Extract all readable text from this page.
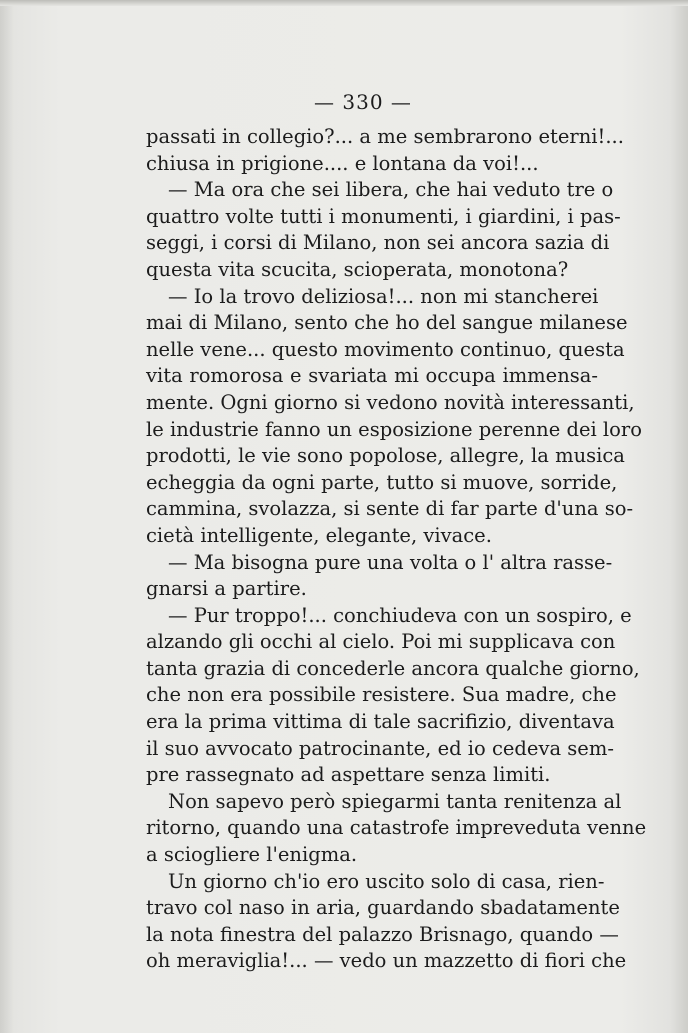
— 330 —
passati in collegio?... a me sembrarono eterni!...
chiusa in prigione.... e lontana da voi!...
— Ma ora che sei libera, che hai veduto tre o
quattro volte tutti i monumenti, i giardini, i pas-
seggi, i corsi di Milano, non sei ancora sazia di
questa vita scucita, scioperata, monotona?
— Io la trovo deliziosa!... non mi stancherei
mai di Milano, sento che ho del sangue milanese
nelle vene... questo movimento continuo, questa
vita romorosa e svariata mi occupa immensa-
mente. Ogni giorno si vedono novità interessanti,
le industrie fanno un esposizione perenne dei loro
prodotti, le vie sono popolose, allegre, la musica
echeggia da ogni parte, tutto si muove, sorride,
cammina, svolazza, si sente di far parte d'una so-
cietà intelligente, elegante, vivace.
— Ma bisogna pure una volta o l' altra rasse-
gnarsi a partire.
— Pur troppo!... conchiudeva con un sospiro, e
alzando gli occhi al cielo. Poi mi supplicava con
tanta grazia di concederle ancora qualche giorno,
che non era possibile resistere. Sua madre, che
era la prima vittima di tale sacrifizio, diventava
il suo avvocato patrocinante, ed io cedeva sem-
pre rassegnato ad aspettare senza limiti.
Non sapevo però spiegarmi tanta renitenza al
ritorno, quando una catastrofe impreveduta venne
a sciogliere l'enigma.
Un giorno ch'io ero uscito solo di casa, rien-
travo col naso in aria, guardando sbadatamente
la nota finestra del palazzo Brisnago, quando —
oh meraviglia!... — vedo un mazzetto di fiori che
